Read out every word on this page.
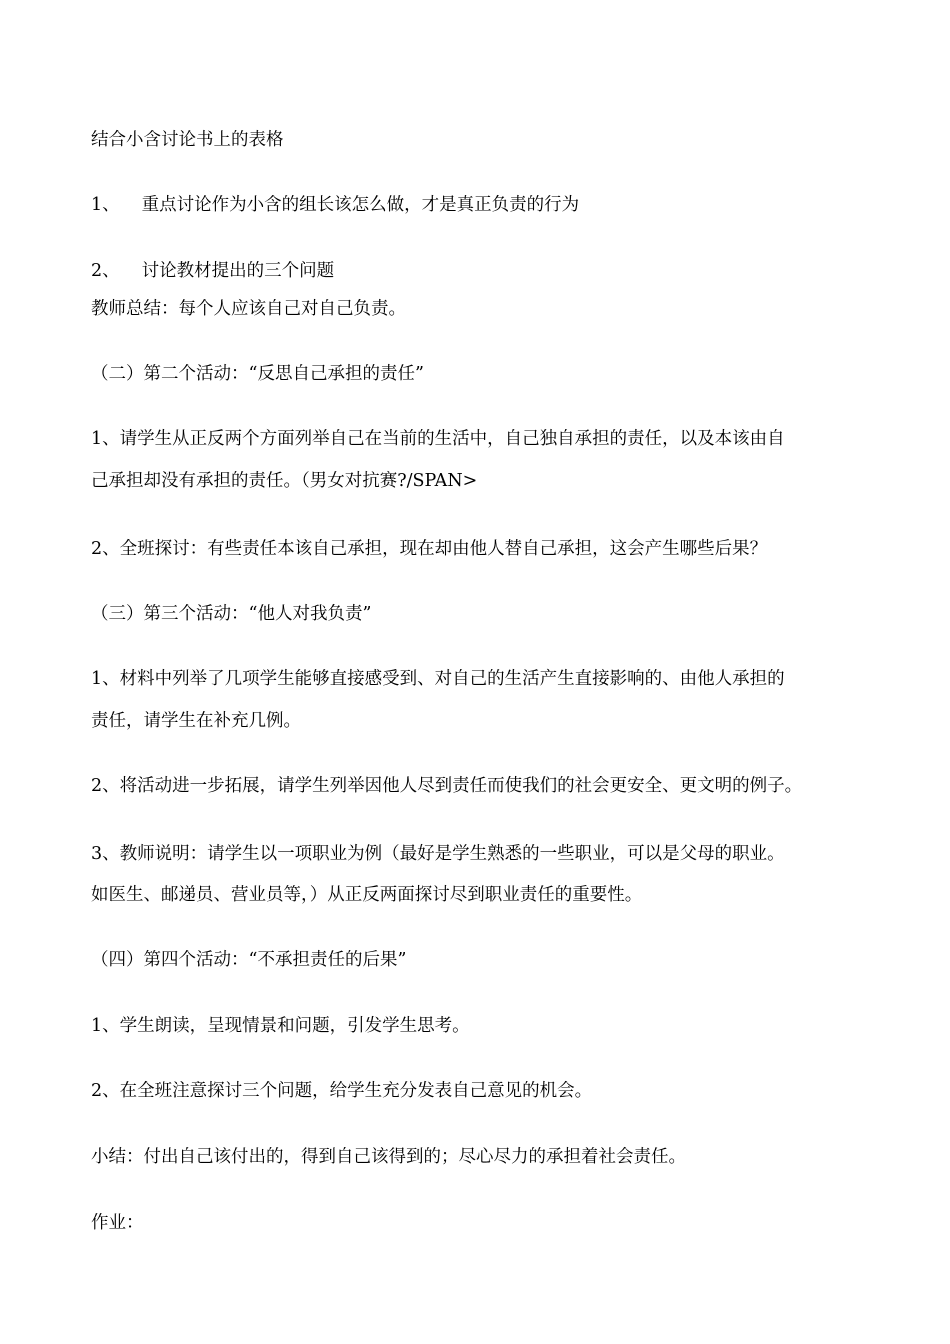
结合小含讨论书上的表格

1、 重点讨论作为小含的组长该怎么做，才是真正负责的行为

2、 讨论教材提出的三个问题

教师总结：每个人应该自己对自己负责。

（二）第二个活动：“反思自己承担的责任”

1、请学生从正反两个方面列举自己在当前的生活中，自己独自承担的责任，以及本该由自

己承担却没有承担的责任。（男女对抗赛?/SPAN>

2、全班探讨：有些责任本该自己承担，现在却由他人替自己承担，这会产生哪些后果？

（三）第三个活动：“他人对我负责”

1、材料中列举了几项学生能够直接感受到、对自己的生活产生直接影响的、由他人承担的

责任，请学生在补充几例。

2、将活动进一步拓展，请学生列举因他人尽到责任而使我们的社会更安全、更文明的例子。

3、教师说明：请学生以一项职业为例（最好是学生熟悉的一些职业，可以是父母的职业。

如医生、邮递员、营业员等，）从正反两面探讨尽到职业责任的重要性。

（四）第四个活动：“不承担责任的后果”

1、学生朗读，呈现情景和问题，引发学生思考。

2、在全班注意探讨三个问题，给学生充分发表自己意见的机会。

小结：付出自己该付出的，得到自己该得到的；尽心尽力的承担着社会责任。

作业：
